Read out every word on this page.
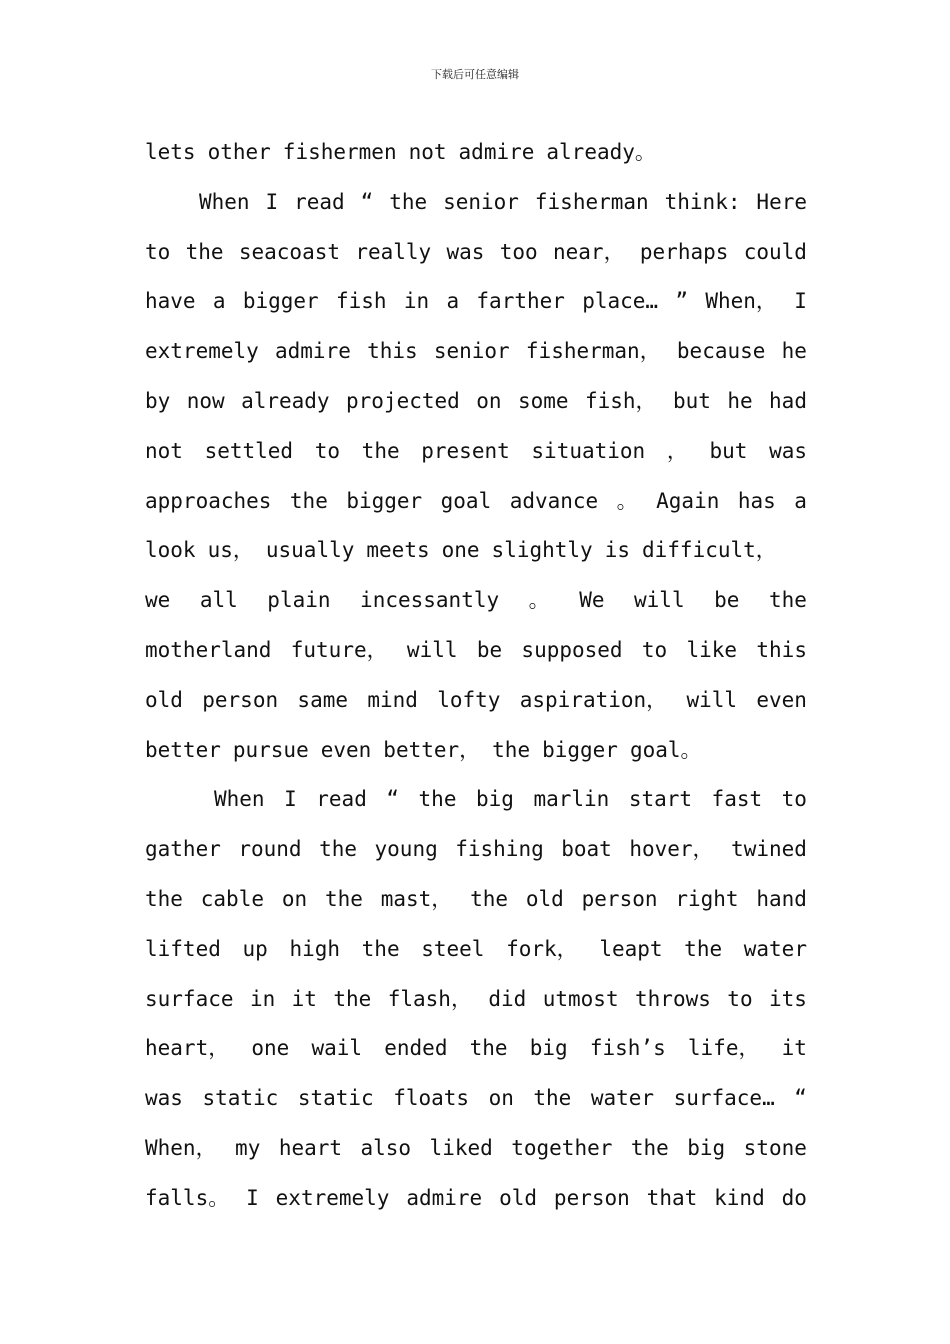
下载后可任意编辑
lets other fishermen not admire already。
When I read “ the senior fisherman think: Here
to the seacoast really was too near， perhaps could
have a bigger fish in a farther place… ” When， I
extremely admire this senior fisherman， because he
by now already projected on some fish， but he had
not settled to the present situation ， but was
approaches the bigger goal advance 。 Again has a
look us， usually meets one slightly is difficult，
we all plain incessantly 。 We will be the
motherland future， will be supposed to like this
old person same mind lofty aspiration， will even
better pursue even better， the bigger goal。
When I read “ the big marlin start fast to
gather round the young fishing boat hover， twined
the cable on the mast， the old person right hand
lifted up high the steel fork， leapt the water
surface in it the flash， did utmost throws to its
heart， one wail ended the big fish’s life， it
was static static floats on the water surface… “
When， my heart also liked together the big stone
falls。 I extremely admire old person that kind do
